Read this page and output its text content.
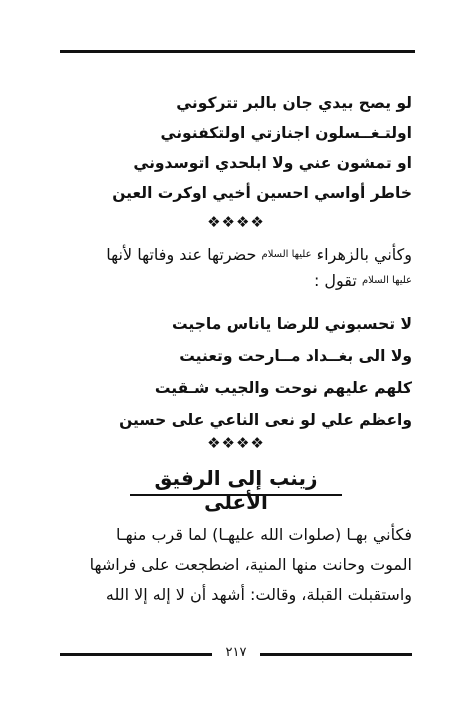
لو يصح بيدي جان بالبر تتركوني
اولتـغــسلون اجنازتي اولتكفنوني
او تمشون عني ولا ابلحدي اتوسدوني
خاطر أواسي احسين أخيي اوكرت العين
❖❖❖❖
وكأني بالزهراء عليها السلام حضرتها عند وفاتها لأنها
عليها السلام تقول :
لا تحسبوني للرضا ياناس ماجيت
ولا الى بغــداد مــارحت وتعنيت
كلهم عليهم نوحت والجيب شـقيت
واعظم علي لو نعى الناعي على حسين
❖❖❖❖
زينب إلى الرفيق الأعلى
فكأني بهـا (صلوات الله عليهـا) لما قرب منهـا
الموت وحانت منها المنية، اضطجعت على فراشها
واستقبلت القبلة، وقالت: أشهد أن لا إله إلا الله
٢١٧
